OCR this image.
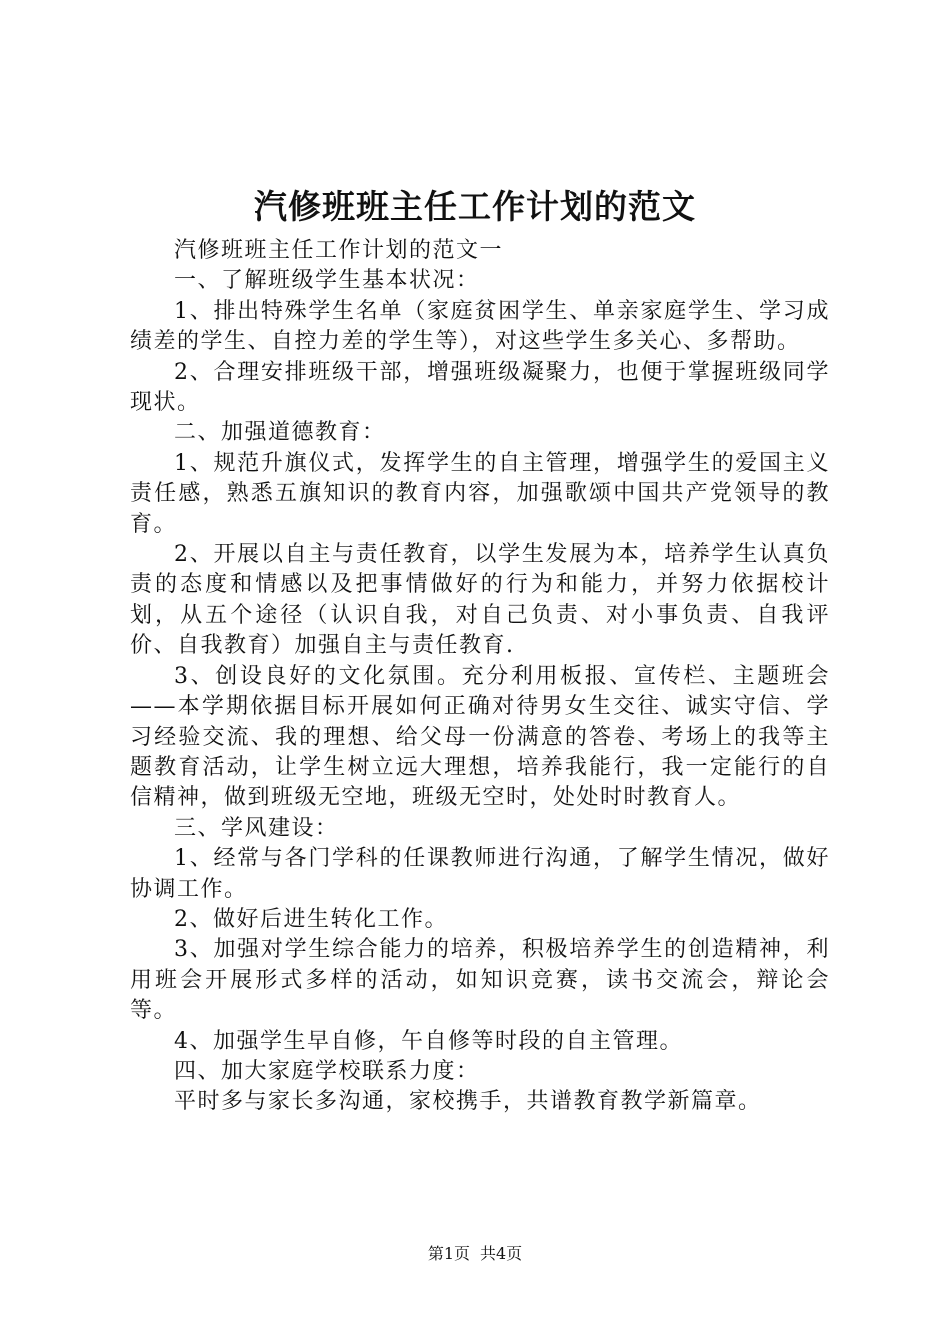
汽修班班主任工作计划的范文

汽修班班主任工作计划的范文一

一、了解班级学生基本状况：

1、排出特殊学生名单（家庭贫困学生、单亲家庭学生、学习成绩差的学生、自控力差的学生等），对这些学生多关心、多帮助。

2、合理安排班级干部，增强班级凝聚力，也便于掌握班级同学现状。

二、加强道德教育：

1、规范升旗仪式，发挥学生的自主管理，增强学生的爱国主义责任感，熟悉五旗知识的教育内容，加强歌颂中国共产党领导的教育。

2、开展以自主与责任教育，以学生发展为本，培养学生认真负责的态度和情感以及把事情做好的行为和能力，并努力依据校计划，从五个途径（认识自我，对自己负责、对小事负责、自我评价、自我教育）加强自主与责任教育.

3、创设良好的文化氛围。充分利用板报、宣传栏、主题班会——本学期依据目标开展如何正确对待男女生交往、诚实守信、学习经验交流、我的理想、给父母一份满意的答卷、考场上的我等主题教育活动，让学生树立远大理想，培养我能行，我一定能行的自信精神，做到班级无空地，班级无空时，处处时时教育人。

三、学风建设：

1、经常与各门学科的任课教师进行沟通，了解学生情况，做好协调工作。

2、做好后进生转化工作。

3、加强对学生综合能力的培养，积极培养学生的创造精神，利用班会开展形式多样的活动，如知识竞赛，读书交流会，辩论会等。

4、加强学生早自修，午自修等时段的自主管理。

四、加大家庭学校联系力度：

平时多与家长多沟通，家校携手，共谱教育教学新篇章。

第1页 共4页
